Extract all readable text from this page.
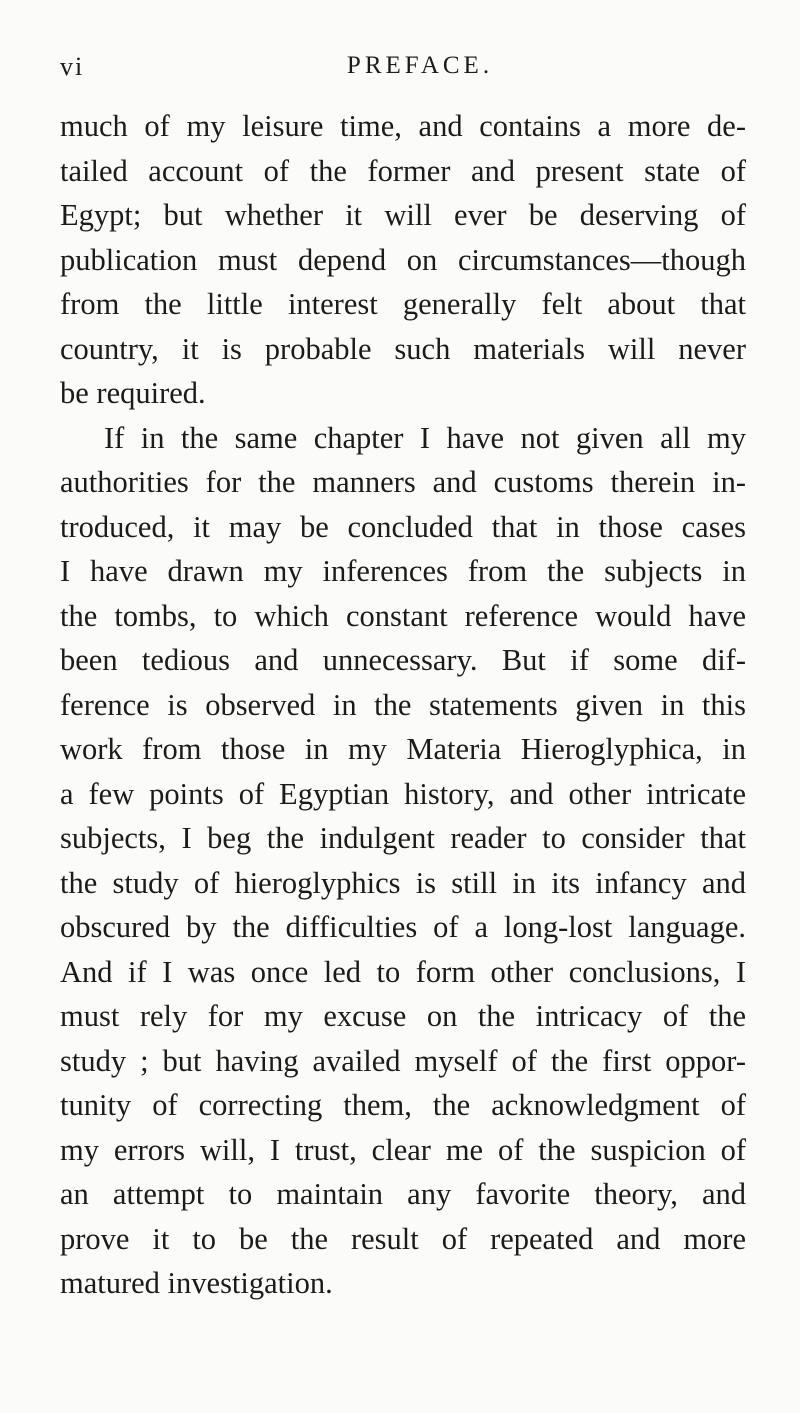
vi	PREFACE.
much of my leisure time, and contains a more de-
tailed account of the former and present state of
Egypt; but whether it will ever be deserving of
publication must depend on circumstances—though
from the little interest generally felt about that
country, it is probable such materials will never
be required.
If in the same chapter I have not given all my
authorities for the manners and customs therein in-
troduced, it may be concluded that in those cases
I have drawn my inferences from the subjects in
the tombs, to which constant reference would have
been tedious and unnecessary. But if some dif-
ference is observed in the statements given in this
work from those in my Materia Hieroglyphica, in
a few points of Egyptian history, and other intricate
subjects, I beg the indulgent reader to consider that
the study of hieroglyphics is still in its infancy and
obscured by the difficulties of a long-lost language.
And if I was once led to form other conclusions, I
must rely for my excuse on the intricacy of the
study ; but having availed myself of the first oppor-
tunity of correcting them, the acknowledgment of
my errors will, I trust, clear me of the suspicion of
an attempt to maintain any favorite theory, and
prove it to be the result of repeated and more
matured investigation.
